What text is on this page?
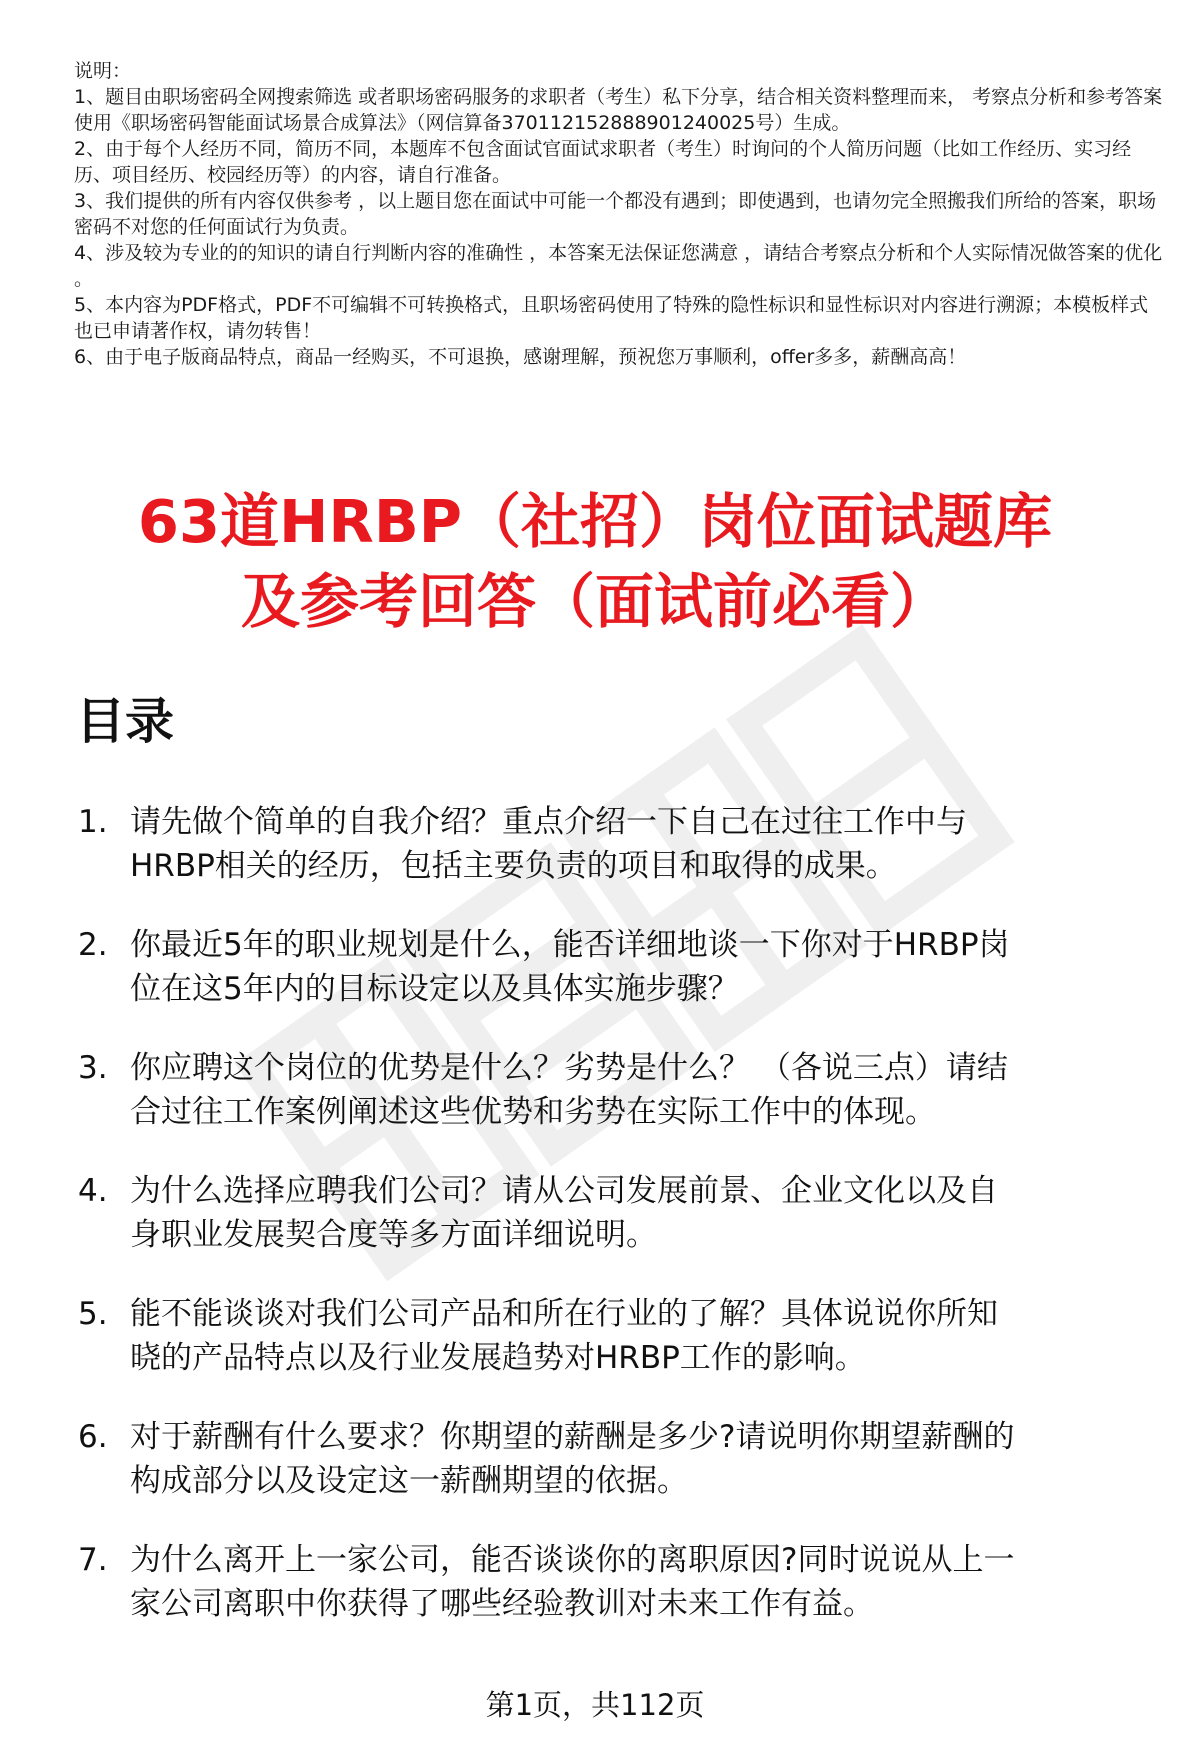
说明：

1、题目由职场密码全网搜索筛选 或者职场密码服务的求职者（考生）私下分享，结合相关资料整理而来， 考察点分析和参考答案使用《职场密码智能面试场景合成算法》（网信算备370112152888901240025号）生成。

2、由于每个人经历不同，简历不同，本题库不包含面试官面试求职者（考生）时询问的个人简历问题（比如工作经历、实习经历、项目经历、校园经历等）的内容，请自行准备。

3、我们提供的所有内容仅供参考 ，以上题目您在面试中可能一个都没有遇到；即使遇到，也请勿完全照搬我们所给的答案，职场密码不对您的任何面试行为负责。

4、涉及较为专业的的知识的请自行判断内容的准确性 ，本答案无法保证您满意 ，请结合考察点分析和个人实际情况做答案的优化 。

5、本内容为PDF格式，PDF不可编辑不可转换格式，且职场密码使用了特殊的隐性标识和显性标识对内容进行溯源；本模板样式也已申请著作权，请勿转售！

6、由于电子版商品特点，商品一经购买，不可退换，感谢理解，预祝您万事顺利，offer多多，薪酬高高！

63道HRBP（社招）岗位面试题库
及参考回答（面试前必看）
目录
1. 请先做个简单的自我介绍？重点介绍一下自己在过往工作中与
HRBP相关的经历，包括主要负责的项目和取得的成果。
2. 你最近5年的职业规划是什么，能否详细地谈一下你对于HRBP岗
位在这5年内的目标设定以及具体实施步骤？
3. 你应聘这个岗位的优势是什么？劣势是什么？ （各说三点）请结
合过往工作案例阐述这些优势和劣势在实际工作中的体现。
4. 为什么选择应聘我们公司？请从公司发展前景、企业文化以及自
身职业发展契合度等多方面详细说明。
5. 能不能谈谈对我们公司产品和所在行业的了解？具体说说你所知
晓的产品特点以及行业发展趋势对HRBP工作的影响。
6. 对于薪酬有什么要求？你期望的薪酬是多少?请说明你期望薪酬的
构成部分以及设定这一薪酬期望的依据。
7. 为什么离开上一家公司，能否谈谈你的离职原因?同时说说从上一
家公司离职中你获得了哪些经验教训对未来工作有益。
第1页，共112页
